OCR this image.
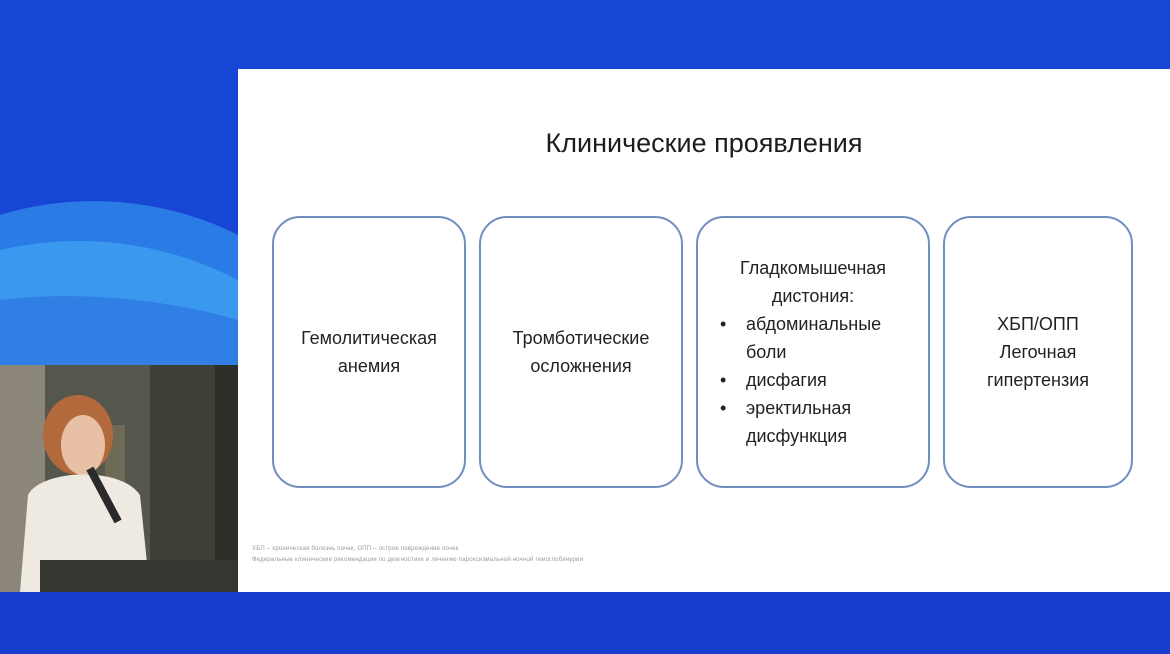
Клинические проявления
Гемолитическая
анемия
Тромботические
осложнения
Гладкомышечная
дистония:
• абдоминальные боли
• дисфагия
• эректильная дисфункция
ХБП/ОПП
Легочная
гипертензия
ХБП – хроническая болезнь почек, ОПП – острое повреждение почек
Федеральные клинические рекомендации по диагностике и лечению пароксизмальной ночной гемоглобинурии
